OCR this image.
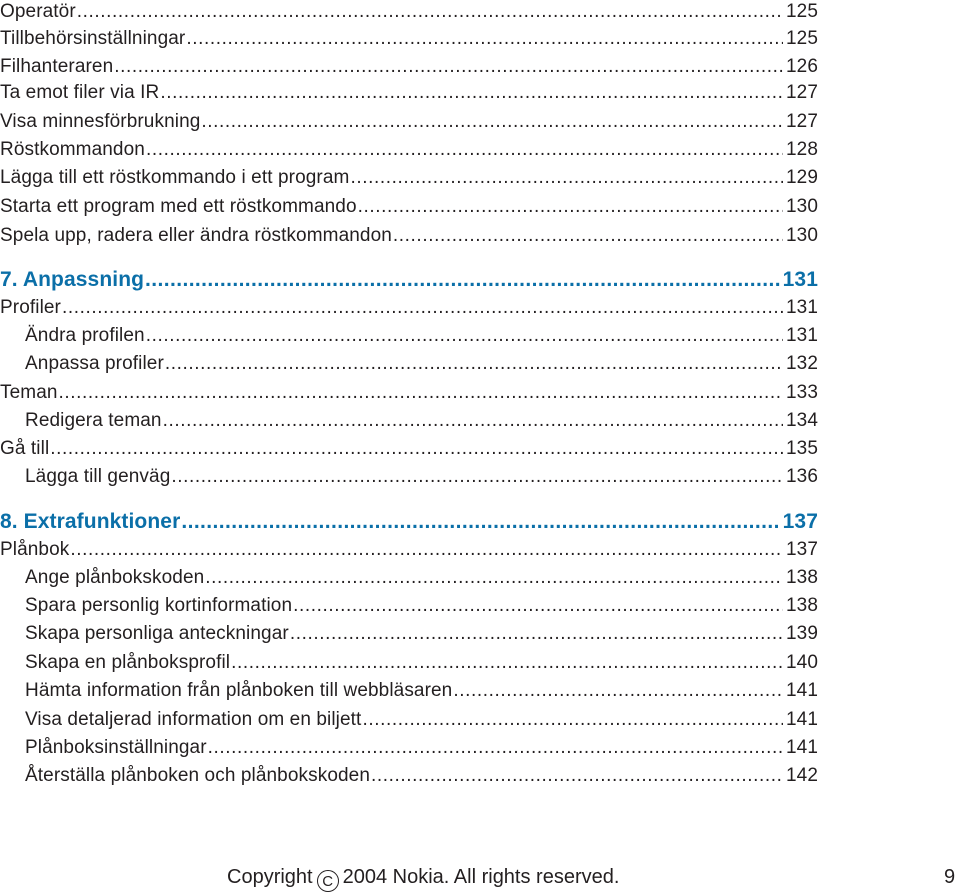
Operatör .....	125
Tillbehörsinställningar .....	125
Filhanteraren .....	126
Ta emot filer via IR .....	127
Visa minnesförbrukning .....	127
Röstkommandon .....	128
Lägga till ett röstkommando i ett program .....	129
Starta ett program med ett röstkommando .....	130
Spela upp, radera eller ändra röstkommandon .....	130
7. Anpassning .....	131
Profiler .....	131
Ändra profilen .....	131
Anpassa profiler .....	132
Teman .....	133
Redigera teman .....	134
Gå till .....	135
Lägga till genväg .....	136
8. Extrafunktioner .....	137
Plånbok .....	137
Ange plånbokskoden .....	138
Spara personlig kortinformation .....	138
Skapa personliga anteckningar .....	139
Skapa en plånboksprofil .....	140
Hämta information från plånboken till webbläsaren .....	141
Visa detaljerad information om en biljett .....	141
Plånboksinställningar .....	141
Återställa plånboken och plånbokskoden .....	142
Copyright C 2004 Nokia. All rights reserved.	9
